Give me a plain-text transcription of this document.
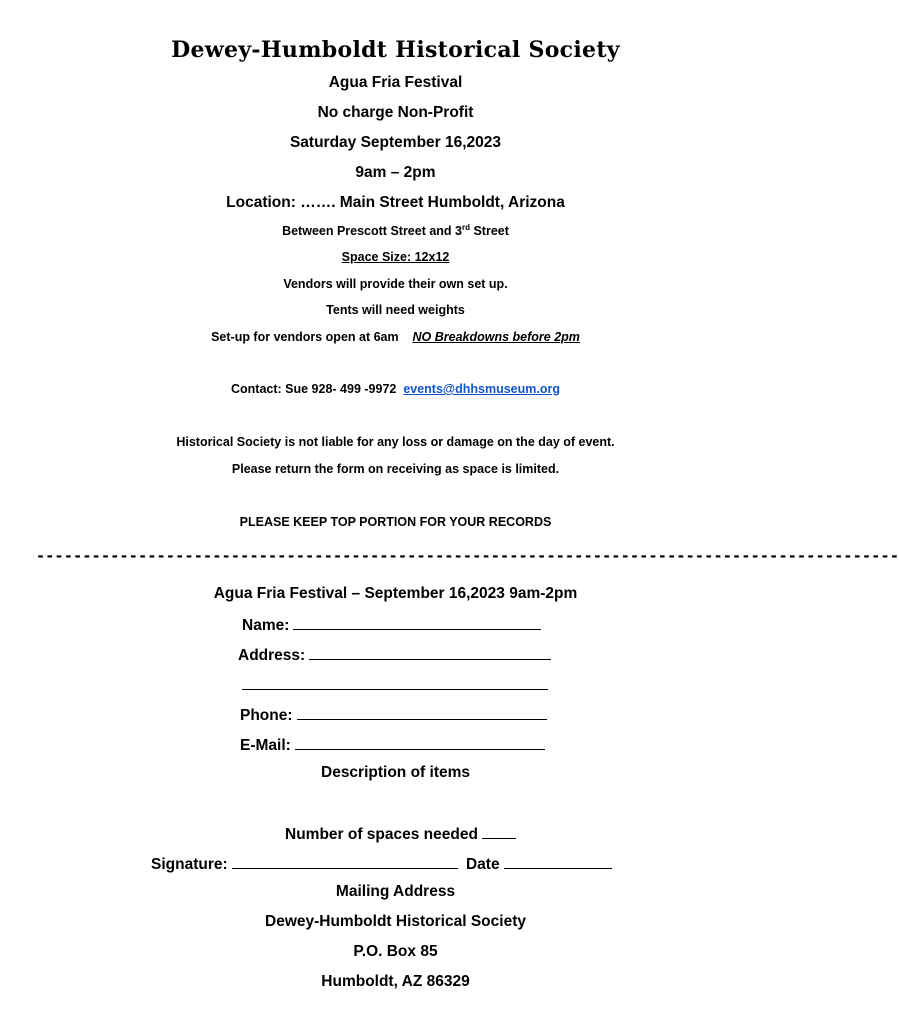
Dewey-Humboldt Historical Society
Agua Fria Festival
No charge Non-Profit
Saturday September 16,2023
9am – 2pm
Location: ……. Main Street Humboldt, Arizona
Between Prescott Street and 3rd Street
Space Size: 12x12
Vendors will provide their own set up.
Tents will need weights
Set-up for vendors open at 6am NO Breakdowns before 2pm
Contact: Sue 928- 499 -9972 events@dhhsmuseum.org
Historical Society is not liable for any loss or damage on the day of event.
Please return the form on receiving as space is limited.
PLEASE KEEP TOP PORTION FOR YOUR RECORDS
---------------------------------------------------------------------------------------------
Agua Fria Festival – September 16,2023 9am-2pm
Name:
Address:
Phone:
E-Mail:
Description of items
Number of spaces needed
Signature:	Date
Mailing Address
Dewey-Humboldt Historical Society
P.O. Box 85
Humboldt, AZ 86329
